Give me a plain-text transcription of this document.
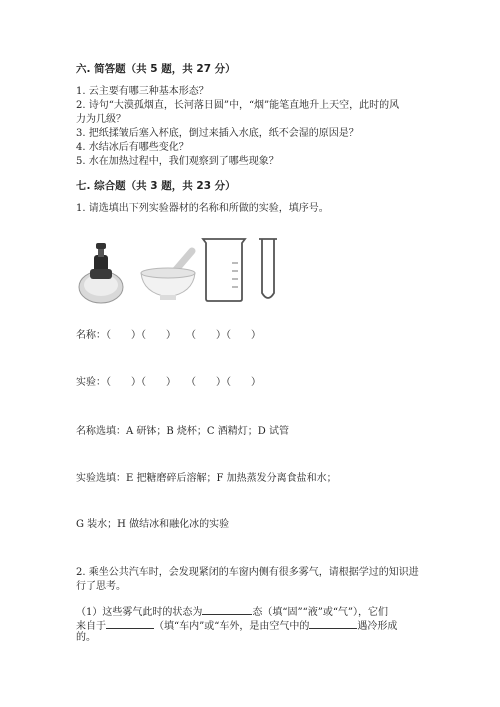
六. 简答题（共 5 题，共 27 分）
1. 云主要有哪三种基本形态？
2. 诗句“大漠孤烟直，长河落日圆”中，“烟”能笔直地升上天空，此时的风
力为几级？
3. 把纸揉皱后塞入杯底，倒过来插入水底，纸不会湿的原因是？
4. 水结冰后有哪些变化？
5. 水在加热过程中，我们观察到了哪些现象？
七. 综合题（共 3 题，共 23 分）
1. 请选填出下列实验器材的名称和所做的实验，填序号。
名称：（　　）（　　）　　（　　）（　　）
实验：（　　）（　　）　　（　　）（　　）
名称选填：A 研钵；B 烧杯；C 酒精灯；D 试管
实验选填：E 把糖磨碎后溶解；F 加热蒸发分离食盐和水；
G 装水；H 做结冰和融化冰的实验
2. 乘坐公共汽车时，会发现紧闭的车窗内侧有很多雾气，请根据学过的知识进
行了思考。
（1）这些雾气此时的状态为	态（填“固”“液”或“气”），它们
来自于	（填“车内”或“车外，是由空气中的	遇冷形成
的。
